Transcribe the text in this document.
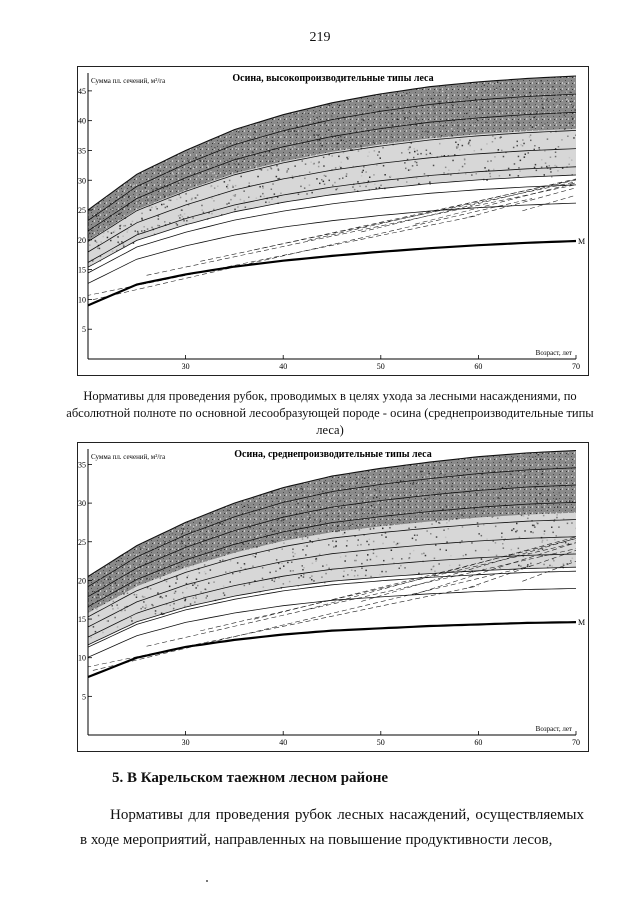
219
5
10
15
20
25
30
35
40
45
30	40	50	60	70
Осина, высокопроизводительные типы леса
Сумма пл. сечений, м²/га
Возраст, лет
М
Нормативы для проведения рубок, проводимых в целях ухода за лесными насаждениями, по абсолютной полноте по основной лесообразующей породе - осина (среднепроизводительные типы леса)
5
10
15
20
25
30
35
30	40	50	60	70
Осина, среднепроизводительные типы леса
Сумма пл. сечений, м²/га
Возраст, лет
М
5. В Карельском таежном лесном районе
Нормативы для проведения рубок лесных насаждений, осуществляемых в ходе мероприятий, направленных на повышение продуктивности лесов,
